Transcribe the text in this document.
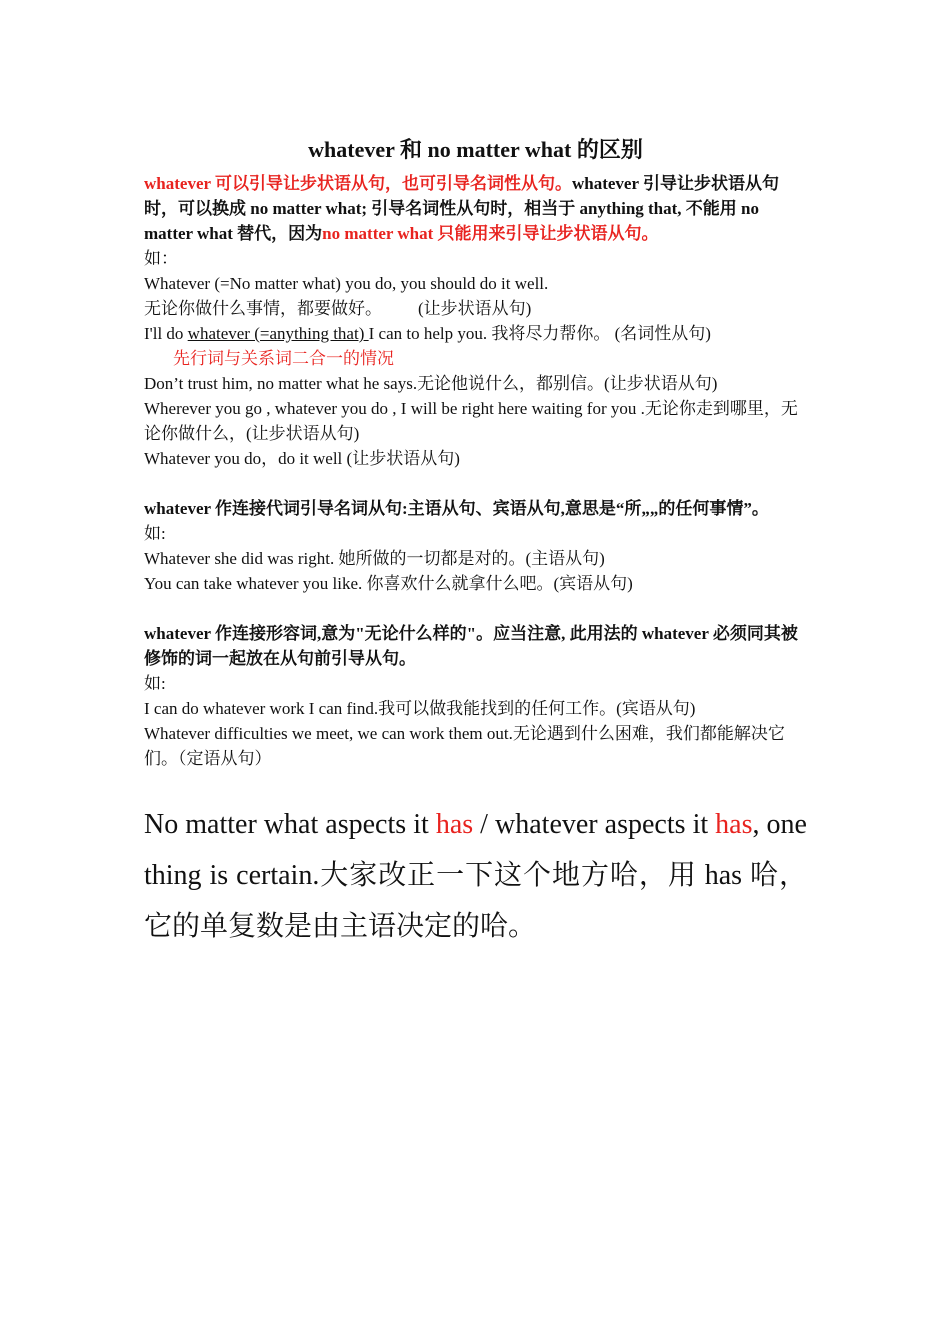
whatever 和 no matter what 的区别
whatever 可以引导让步状语从句，也可引导名词性从句。whatever 引导让步状语从句时，可以换成 no matter what; 引导名词性从句时，相当于 anything that, 不能用 no matter what 替代，因为no matter what 只能用来引导让步状语从句。
如：
Whatever (=No matter what) you do, you should do it well.
无论你做什么事情，都要做好。 (让步状语从句)
I'll do whatever (=anything that) I can to help you. 我将尽力帮你。 (名词性从句)
先行词与关系词二合一的情况
Don’t trust him, no matter what he says.无论他说什么，都别信。(让步状语从句)
Wherever you go , whatever you do , I will be right here waiting for you .无论你走到哪里，无论你做什么，(让步状语从句)
Whatever you do，do it well (让步状语从句)
whatever 作连接代词引导名词从句:主语从句、宾语从句,意思是“所„„的任何事情”。
如:
Whatever she did was right. 她所做的一切都是对的。(主语从句)
You can take whatever you like. 你喜欢什么就拿什么吧。(宾语从句)
whatever 作连接形容词,意为"无论什么样的"。应当注意, 此用法的 whatever 必须同其被修饰的词一起放在从句前引导从句。
如:
I can do whatever work I can find.我可以做我能找到的任何工作。(宾语从句)
Whatever difficulties we meet, we can work them out.无论遇到什么困难，我们都能解决它们。（定语从句）
No matter what aspects it has / whatever aspects it has, one thing is certain.大家改正一下这个地方哈，用 has 哈，它的单复数是由主语决定的哈。
